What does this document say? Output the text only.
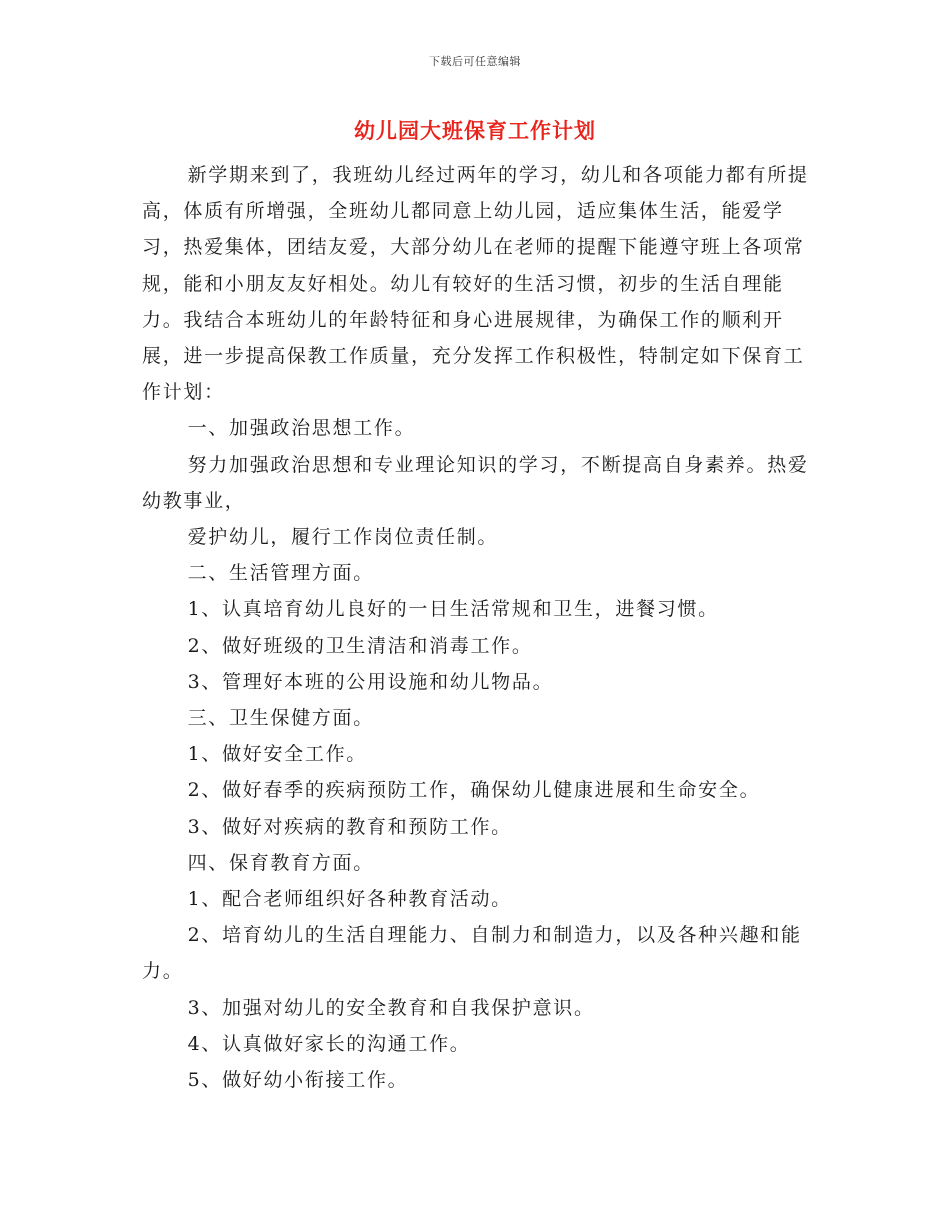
下载后可任意编辑
幼儿园大班保育工作计划

新学期来到了，我班幼儿经过两年的学习，幼儿和各项能力都有所提高，体质有所增强，全班幼儿都同意上幼儿园，适应集体生活，能爱学习，热爱集体，团结友爱，大部分幼儿在老师的提醒下能遵守班上各项常规，能和小朋友友好相处。幼儿有较好的生活习惯，初步的生活自理能力。我结合本班幼儿的年龄特征和身心进展规律，为确保工作的顺利开展，进一步提高保教工作质量，充分发挥工作积极性，特制定如下保育工作计划：

一、加强政治思想工作。

努力加强政治思想和专业理论知识的学习，不断提高自身素养。热爱幼教事业，

爱护幼儿，履行工作岗位责任制。

二、生活管理方面。

1、认真培育幼儿良好的一日生活常规和卫生，进餐习惯。

2、做好班级的卫生清洁和消毒工作。

3、管理好本班的公用设施和幼儿物品。

三、卫生保健方面。

1、做好安全工作。

2、做好春季的疾病预防工作，确保幼儿健康进展和生命安全。

3、做好对疾病的教育和预防工作。

四、保育教育方面。

1、配合老师组织好各种教育活动。

2、培育幼儿的生活自理能力、自制力和制造力，以及各种兴趣和能力。

3、加强对幼儿的安全教育和自我保护意识。

4、认真做好家长的沟通工作。

5、做好幼小衔接工作。
